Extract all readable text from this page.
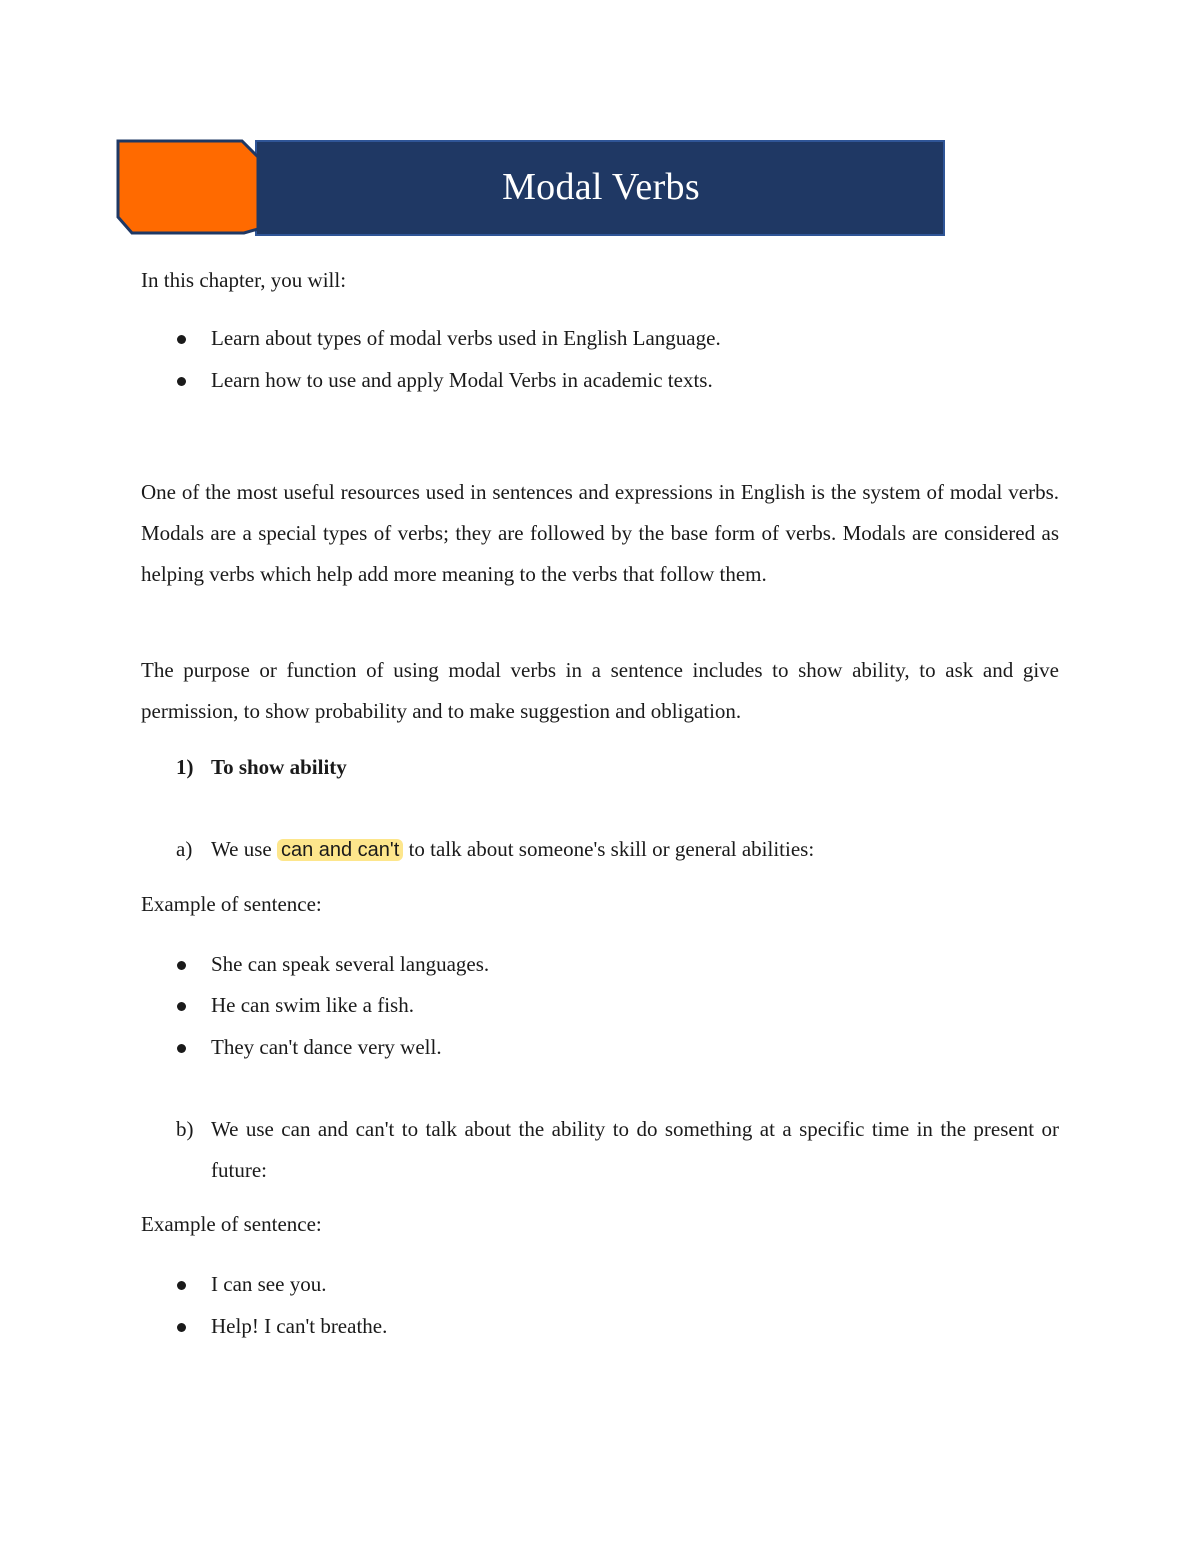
Modal Verbs
In this chapter, you will:
Learn about types of modal verbs used in English Language.
Learn how to use and apply Modal Verbs in academic texts.
One of the most useful resources used in sentences and expressions in English is the system of modal verbs. Modals are a special types of verbs; they are followed by the base form of verbs. Modals are considered as helping verbs which help add more meaning to the verbs that follow them.
The purpose or function of using modal verbs in a sentence includes to show ability, to ask and give permission, to show probability and to make suggestion and obligation.
1) To show ability
a) We use can and can't to talk about someone's skill or general abilities:
Example of sentence:
She can speak several languages.
He can swim like a fish.
They can't dance very well.
b) We use can and can't to talk about the ability to do something at a specific time in the present or future:
Example of sentence:
I can see you.
Help! I can't breathe.
